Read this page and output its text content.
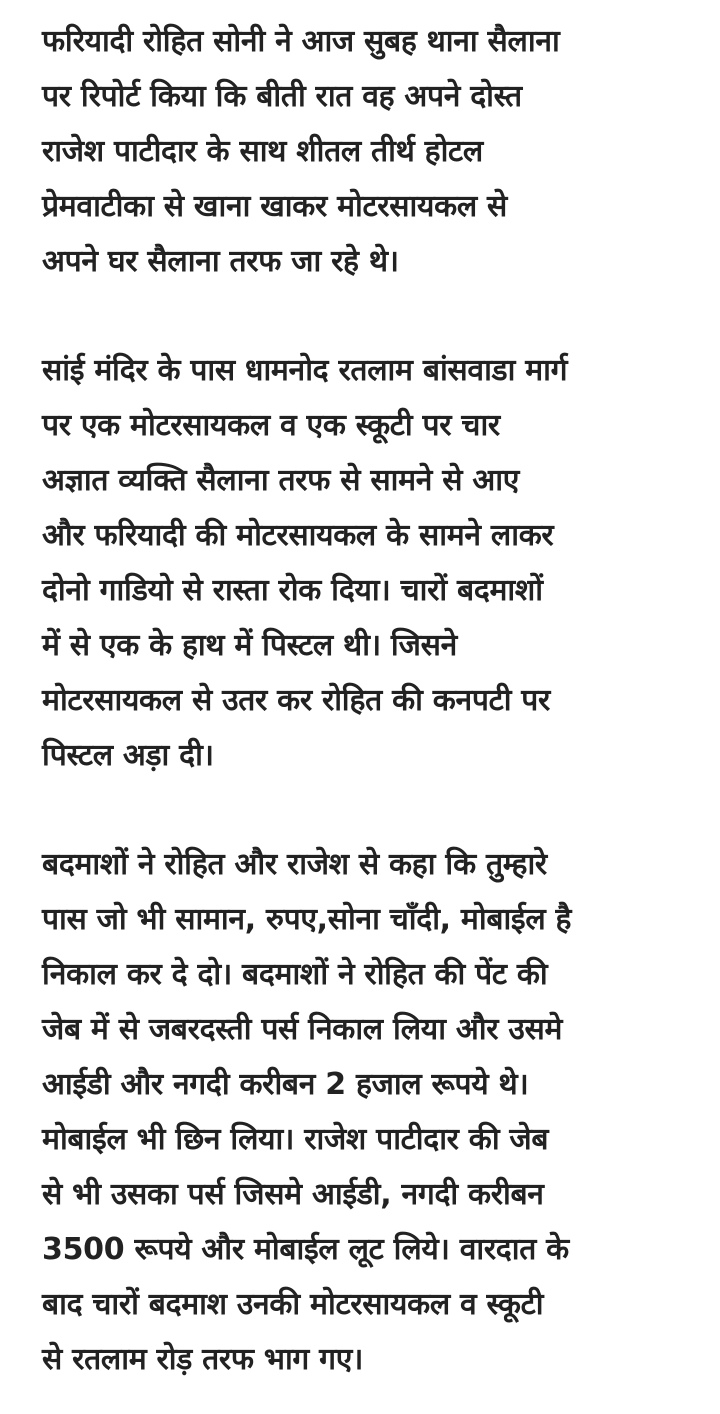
फरियादी रोहित सोनी ने आज सुबह थाना सैलाना
पर रिपोर्ट किया कि बीती रात वह अपने दोस्त
राजेश पाटीदार के साथ शीतल तीर्थ होटल
प्रेमवाटीका से खाना खाकर मोटरसायकल से
अपने घर सैलाना तरफ जा रहे थे।

सांई मंदिर के पास धामनोद रतलाम बांसवाडा मार्ग
पर एक मोटरसायकल व एक स्कूटी पर चार
अज्ञात व्यक्ति सैलाना तरफ से सामने से आए
और फरियादी की मोटरसायकल के सामने लाकर
दोनो गाडियो से रास्ता रोक दिया। चारों बदमाशों
में से एक के हाथ में पिस्टल थी। जिसने
मोटरसायकल से उतर कर रोहित की कनपटी पर
पिस्टल अड़ा दी।

बदमाशों ने रोहित और राजेश से कहा कि तुम्हारे
पास जो भी सामान, रुपए,सोना चाँदी, मोबाईल है
निकाल कर दे दो। बदमाशों ने रोहित की पेंट की
जेब में से जबरदस्ती पर्स निकाल लिया और उसमे
आईडी और नगदी करीबन 2 हजाल रूपये थे।
मोबाईल भी छिन लिया। राजेश पाटीदार की जेब
से भी उसका पर्स जिसमे आईडी, नगदी करीबन
3500 रूपये और मोबाईल लूट लिये। वारदात के
बाद चारों बदमाश उनकी मोटरसायकल व स्कूटी
से रतलाम रोड़ तरफ भाग गए।
